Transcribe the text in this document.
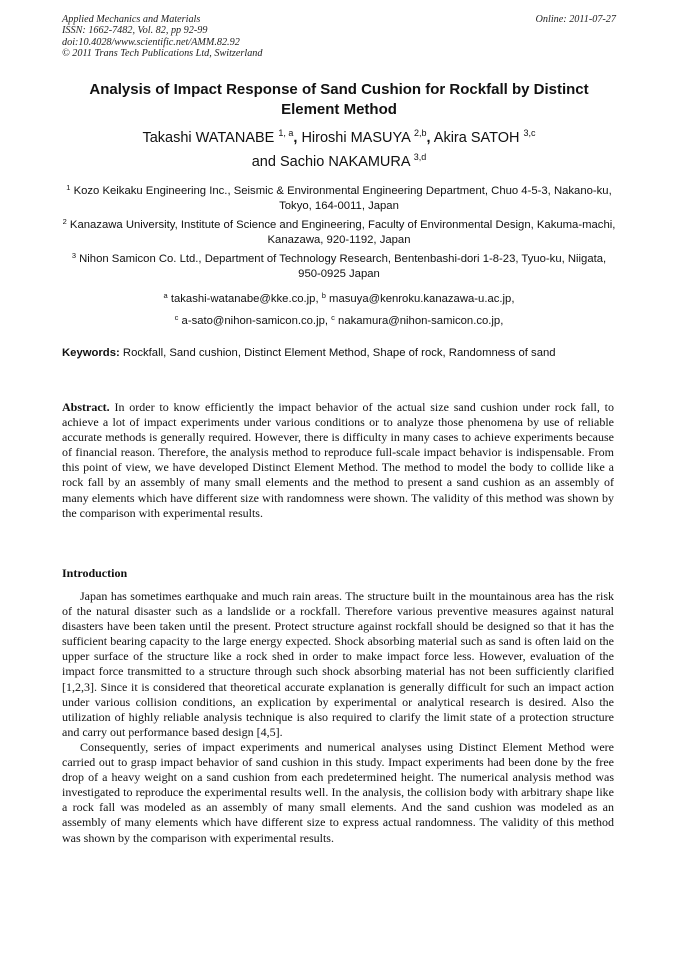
Applied Mechanics and Materials
ISSN: 1662-7482, Vol. 82, pp 92-99
doi:10.4028/www.scientific.net/AMM.82.92
© 2011 Trans Tech Publications Ltd, Switzerland
Online: 2011-07-27
Analysis of Impact Response of Sand Cushion for Rockfall by Distinct Element Method
Takashi WATANABE $^{1, a}$, Hiroshi MASUYA $^{2,b}$, Akira SATOH $^{3,c}$
and Sachio NAKAMURA $^{3,d}$
$^1$ Kozo Keikaku Engineering Inc., Seismic & Environmental Engineering Department, Chuo 4-5-3, Nakano-ku, Tokyo, 164-0011, Japan
$^2$ Kanazawa University, Institute of Science and Engineering, Faculty of Environmental Design, Kakuma-machi, Kanazawa, 920-1192, Japan
$^3$ Nihon Samicon Co. Ltd., Department of Technology Research, Bentenbashi-dori 1-8-23, Tyuo-ku, Niigata, 950-0925 Japan
$^a$ takashi-watanabe@kke.co.jp, $^b$ masuya@kenroku.kanazawa-u.ac.jp,
$^c$ a-sato@nihon-samicon.co.jp, $^c$ nakamura@nihon-samicon.co.jp,
Keywords: Rockfall, Sand cushion, Distinct Element Method, Shape of rock, Randomness of sand
Abstract. In order to know efficiently the impact behavior of the actual size sand cushion under rock fall, to achieve a lot of impact experiments under various conditions or to analyze those phenomena by use of reliable accurate methods is generally required. However, there is difficulty in many cases to achieve experiments because of financial reason. Therefore, the analysis method to reproduce full-scale impact behavior is indispensable. From this point of view, we have developed Distinct Element Method. The method to model the body to collide like a rock fall by an assembly of many small elements and the method to present a sand cushion as an assembly of many elements which have different size with randomness were shown. The validity of this method was shown by the comparison with experimental results.
Introduction

Japan has sometimes earthquake and much rain areas. The structure built in the mountainous area has the risk of the natural disaster such as a landslide or a rockfall. Therefore various preventive measures against natural disasters have been taken until the present. Protect structure against rockfall should be designed so that it has the sufficient bearing capacity to the large energy expected. Shock absorbing material such as sand is often laid on the upper surface of the structure like a rock shed in order to make impact force less. However, evaluation of the impact force transmitted to a structure through such shock absorbing material has not been sufficiently clarified [1,2,3]. Since it is considered that theoretical accurate explanation is generally difficult for such an impact action under various collision conditions, an explication by experimental or analytical research is desired. Also the utilization of highly reliable analysis technique is also required to clarify the limit state of a protection structure and carry out performance based design [4,5].

Consequently, series of impact experiments and numerical analyses using Distinct Element Method were carried out to grasp impact behavior of sand cushion in this study. Impact experiments had been done by the free drop of a heavy weight on a sand cushion from each predetermined height. The numerical analysis method was investigated to reproduce the experimental results well. In the analysis, the collision body with arbitrary shape like a rock fall was modeled as an assembly of many small elements. And the sand cushion was modeled as an assembly of many elements which have different size to express actual randomness. The validity of this method was shown by the comparison with experimental results.
